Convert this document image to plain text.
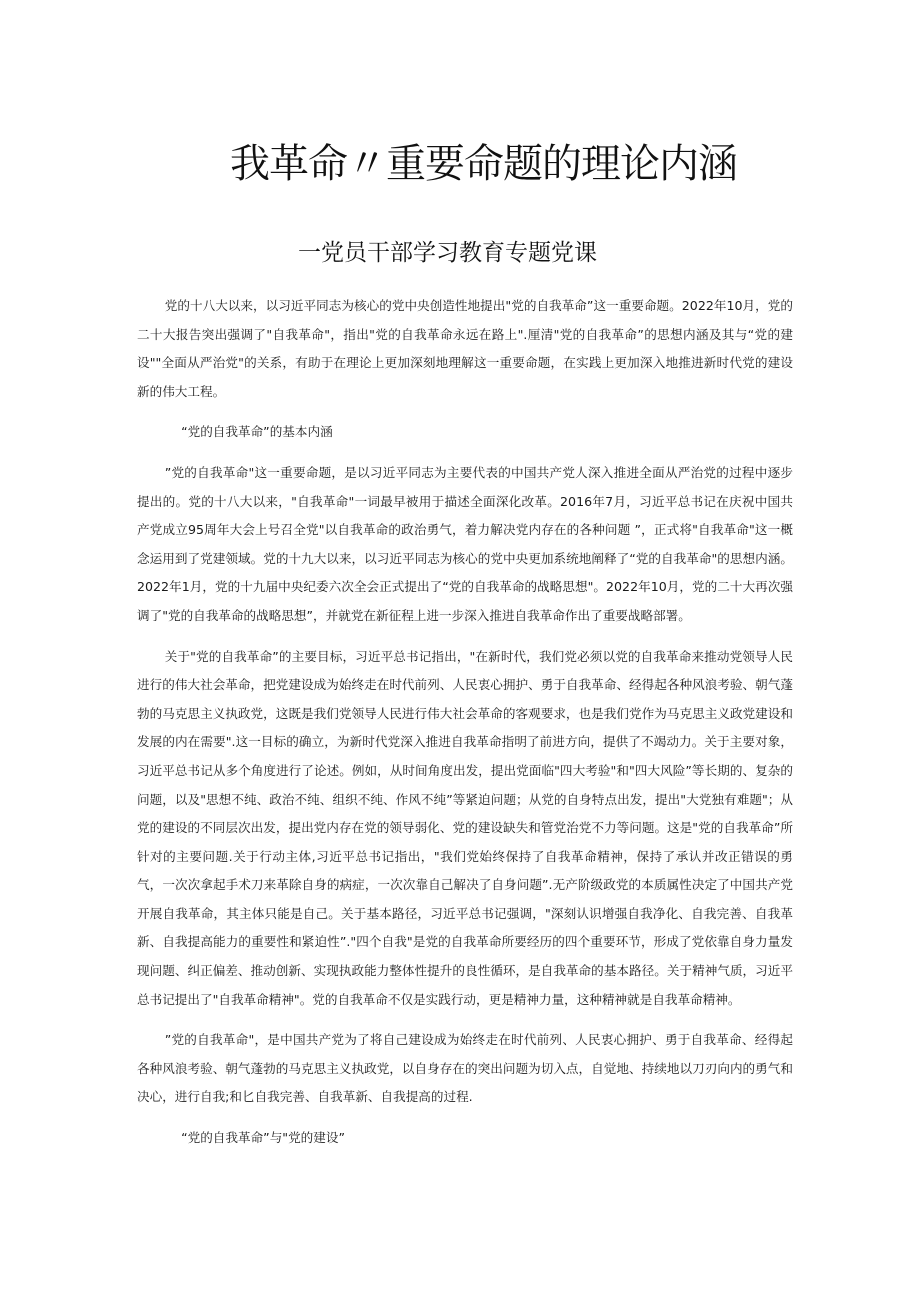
我革命〃重要命题的理论内涵
一党员干部学习教育专题党课

党的十八大以来，以习近平同志为核心的党中央创造性地提出"党的自我革命”这一重要命题。2022年10月，党的二十大报告突出强调了"自我革命"，指出"党的自我革命永远在路上".厘清"党的自我革命”的思想内涵及其与“党的建设""全面从严治党"的关系，有助于在理论上更加深刻地理解这一重要命题，在实践上更加深入地推进新时代党的建设新的伟大工程。

“党的自我革命”的基本内涵

”党的自我革命"这一重要命题，是以习近平同志为主要代表的中国共产党人深入推进全面从严治党的过程中逐步提出的。党的十八大以来，"自我革命"一词最早被用于描述全面深化改革。2016年7月，习近平总书记在庆祝中国共产党成立95周年大会上号召全党"以自我革命的政治勇气，着力解决党内存在的各种问题 ”，正式将"自我革命"这一概念运用到了党建领域。党的十九大以来，以习近平同志为核心的党中央更加系统地阐释了“党的自我革命"的思想内涵。2022年1月，党的十九届中央纪委六次全会正式提出了“党的自我革命的战略思想"。2022年10月，党的二十大再次强调了"党的自我革命的战略思想”，并就党在新征程上进一步深入推进自我革命作出了重要战略部署。

关于"党的自我革命”的主要目标，习近平总书记指出，"在新时代，我们党必须以党的自我革命来推动党领导人民进行的伟大社会革命，把党建设成为始终走在时代前列、人民衷心拥护、勇于自我革命、经得起各种风浪考验、朝气蓬勃的马克思主义执政党，这既是我们党领导人民进行伟大社会革命的客观要求，也是我们党作为马克思主义政党建设和发展的内在需要".这一目标的确立，为新时代党深入推进自我革命指明了前进方向，提供了不竭动力。关于主要对象，习近平总书记从多个角度进行了论述。例如，从时间角度出发，提出党面临"四大考验"和"四大风险”等长期的、复杂的问题，以及"思想不纯、政治不纯、组织不纯、作风不纯”等紧迫问题；从党的自身特点出发，提出"大党独有难题"；从党的建设的不同层次出发，提出党内存在党的领导弱化、党的建设缺失和管党治党不力等问题。这是"党的自我革命”所针对的主要问题.关于行动主体,习近平总书记指出，"我们党始终保持了自我革命精神，保持了承认并改正错误的勇气，一次次拿起手术刀来革除自身的病症，一次次靠自己解决了自身问题”.无产阶级政党的本质属性决定了中国共产党开展自我革命，其主体只能是自己。关于基本路径，习近平总书记强调，"深刻认识增强自我净化、自我完善、自我革新、自我提高能力的重要性和紧迫性”."四个自我"是党的自我革命所要经历的四个重要环节，形成了党依靠自身力量发现问题、纠正偏差、推动创新、实现执政能力整体性提升的良性循环，是自我革命的基本路径。关于精神气质，习近平总书记提出了"自我革命精神"。党的自我革命不仅是实践行动，更是精神力量，这种精神就是自我革命精神。

”党的自我革命"，是中国共产党为了将自己建设成为始终走在时代前列、人民衷心拥护、勇于自我革命、经得起各种风浪考验、朝气蓬勃的马克思主义执政党，以自身存在的突出问题为切入点，自觉地、持续地以刀刃向内的勇气和决心，进行自我;和匕自我完善、自我革新、自我提高的过程.

“党的自我革命”与"党的建设”
